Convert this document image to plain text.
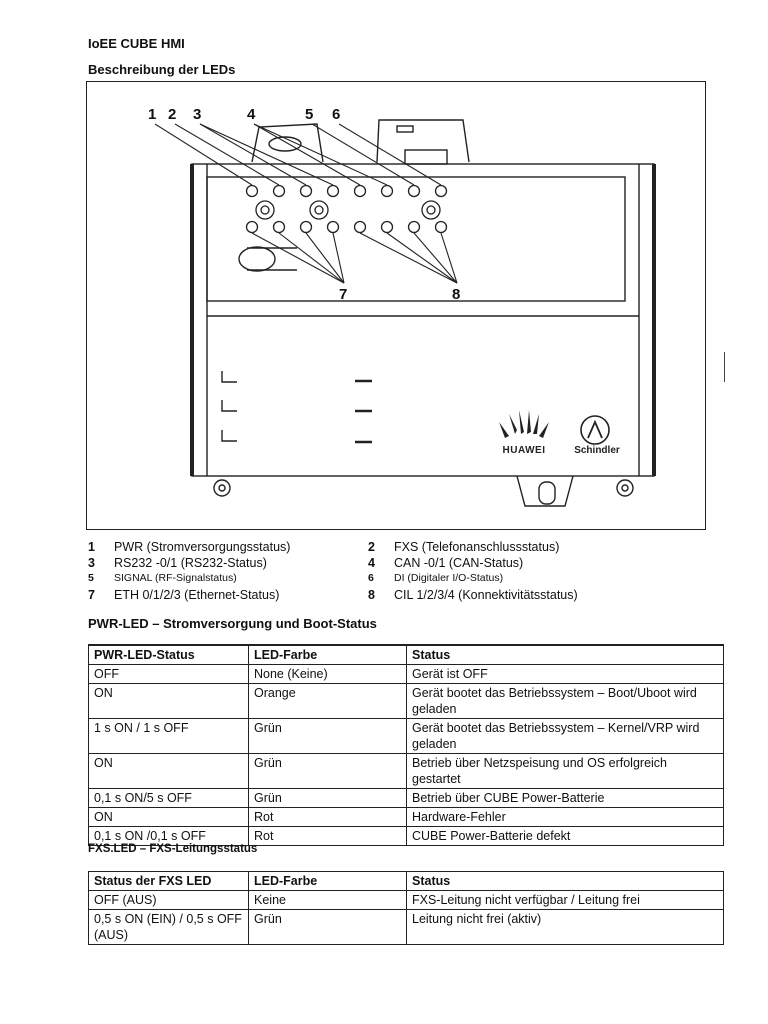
IoEE CUBE HMI
Beschreibung der LEDs
1 2 3	4	5 6
7	8
HUAWEI	Schindler
1	PWR (Stromversorgungsstatus)	2	FXS (Telefonanschlussstatus)
3	RS232 -0/1 (RS232-Status)	4	CAN -0/1 (CAN-Status)
5	SIGNAL (RF-Signalstatus)	6	DI (Digitaler I/O-Status)
7	ETH 0/1/2/3 (Ethernet-Status)	8	CIL 1/2/3/4 (Konnektivitätsstatus)
PWR-LED – Stromversorgung und Boot-Status
PWR-LED-Status	LED-Farbe	Status
OFF	None (Keine)	Gerät ist OFF
ON	Orange	Gerät bootet das Betriebssystem – Boot/Uboot wird geladen
1 s ON / 1 s OFF	Grün	Gerät bootet das Betriebssystem – Kernel/VRP wird geladen
ON	Grün	Betrieb über Netzspeisung und OS erfolgreich gestartet
0,1 s ON/5 s OFF	Grün	Betrieb über CUBE Power-Batterie
ON	Rot	Hardware-Fehler
0,1 s ON /0,1 s OFF	Rot	CUBE Power-Batterie defekt
FXS.LED – FXS-Leitungsstatus
Status der FXS LED	LED-Farbe	Status
OFF (AUS)	Keine	FXS-Leitung nicht verfügbar / Leitung frei
0,5 s ON (EIN) / 0,5 s OFF (AUS)	Grün	Leitung nicht frei (aktiv)
